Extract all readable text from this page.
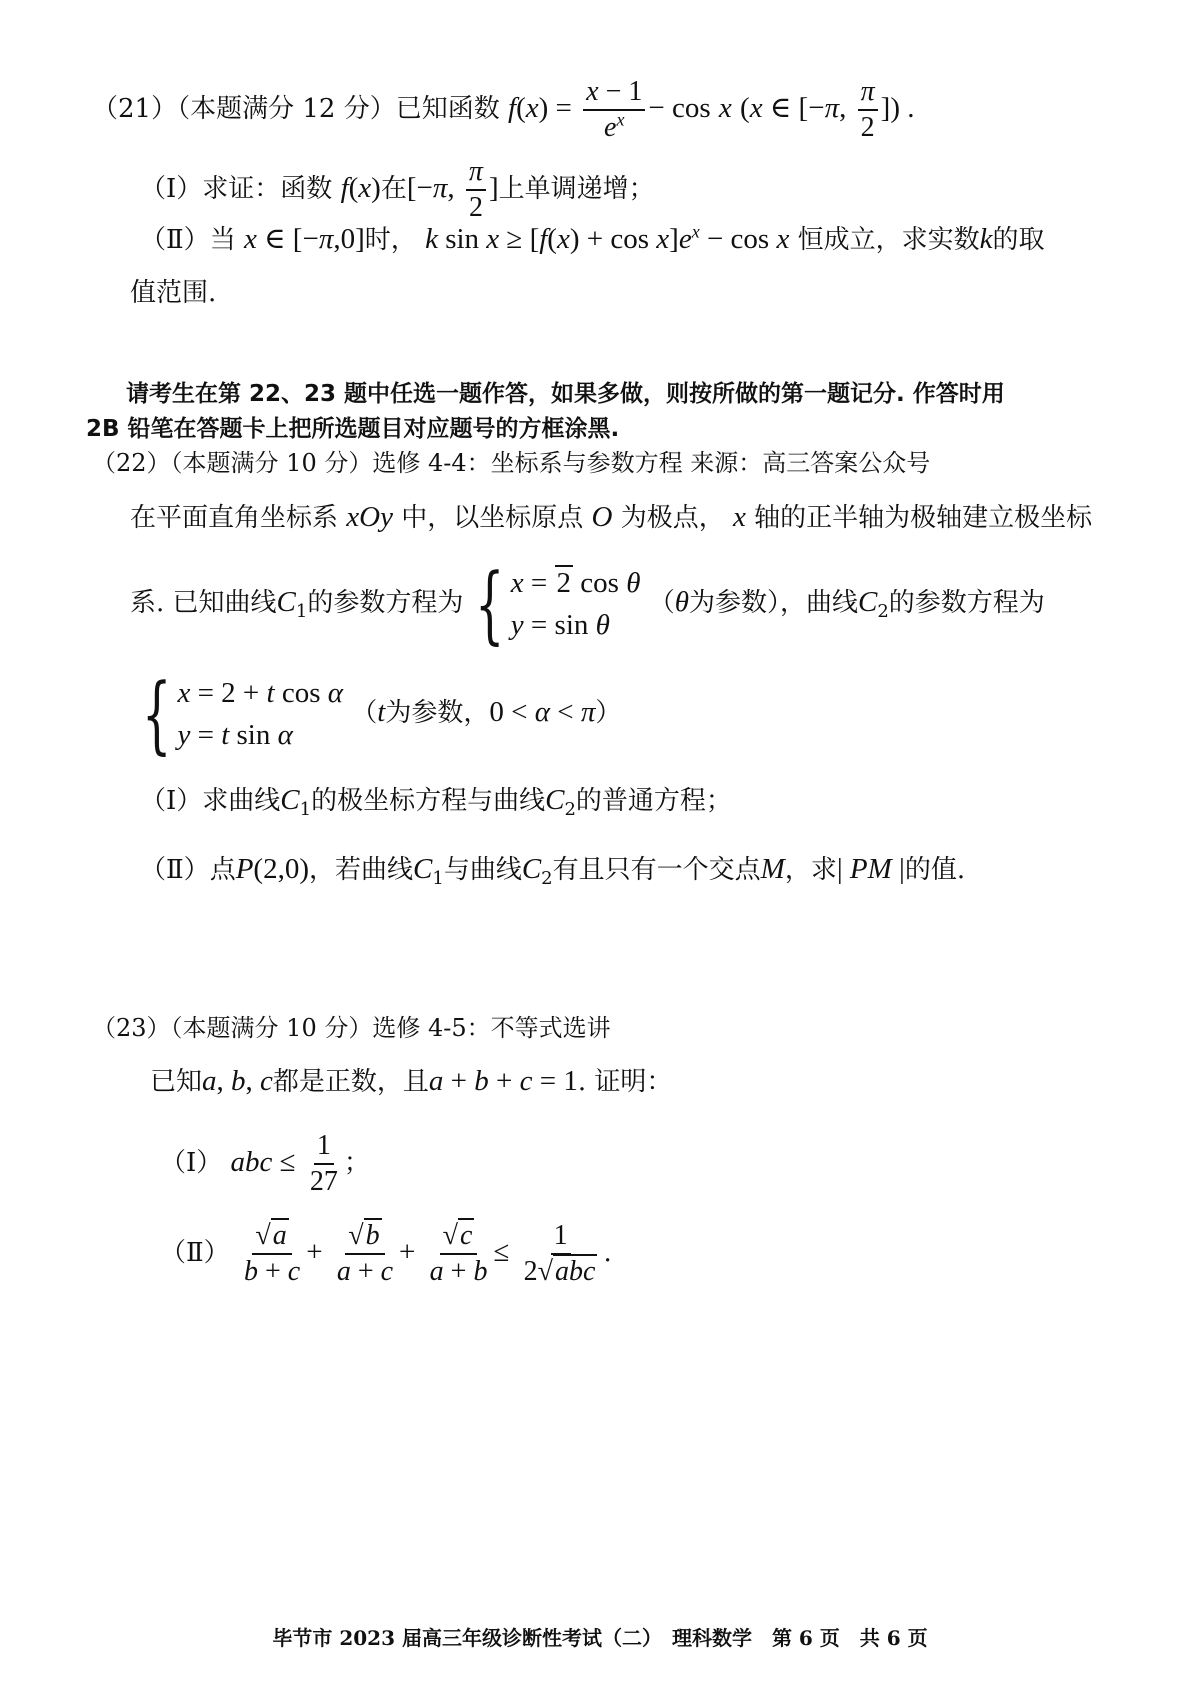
（21）（本题满分 12 分）已知函数 $f(x) = \frac{x - 1}{e^x} - \cos x$ (x ∈ [−π, $\frac{\pi}{2}$ ]) .
（Ⅰ）求证：函数 f(x)在[−π, $\frac{\pi}{2}$ ]上单调递增；
（Ⅱ）当 x ∈ [−π,0]时， k $\sin x \ge [f(x) + \cos x]e^x - \cos x$ 恒成立，求实数k的取
值范围.
请考生在第 22、23 题中任选一题作答，如果多做，则按所做的第一题记分. 作答时用
2B 铅笔在答题卡上把所选题目对应题号的方框涂黑.
（22）（本题满分 10 分）选修 4-4：坐标系与参数方程 来源：高三答案公众号
在平面直角坐标系 xOy 中，以坐标原点 O 为极点， x 轴的正半轴为极轴建立极坐标
系. 已知曲线$C_1$的参数方程为 { x = 2 cos θ
y = sin θ
（θ为参数），曲线$C_2$的参数方程为
{ x = 2 + t cos α
y = t sin α
（t为参数，0 < α < π）
（Ⅰ）求曲线$C_1$的极坐标方程与曲线$C_2$的普通方程；
（Ⅱ）点P(2,0)，若曲线$C_1$与曲线$C_2$有且只有一个交点M，求| PM |的值.
（23）（本题满分 10 分）选修 4-5：不等式选讲
已知a, b, c都是正数，且a + b + c = 1. 证明：
（Ⅰ） abc ≤ $\frac{1}{27}$ ；
（Ⅱ） $\frac{√a}{b + c} + \frac{√b}{a + c} + \frac{√c}{a + b} \le \frac{1}{\text{2√abc}}$ .
毕节市 2023 届高三年级诊断性考试（二）　理科数学　第 6 页　共 6 页
